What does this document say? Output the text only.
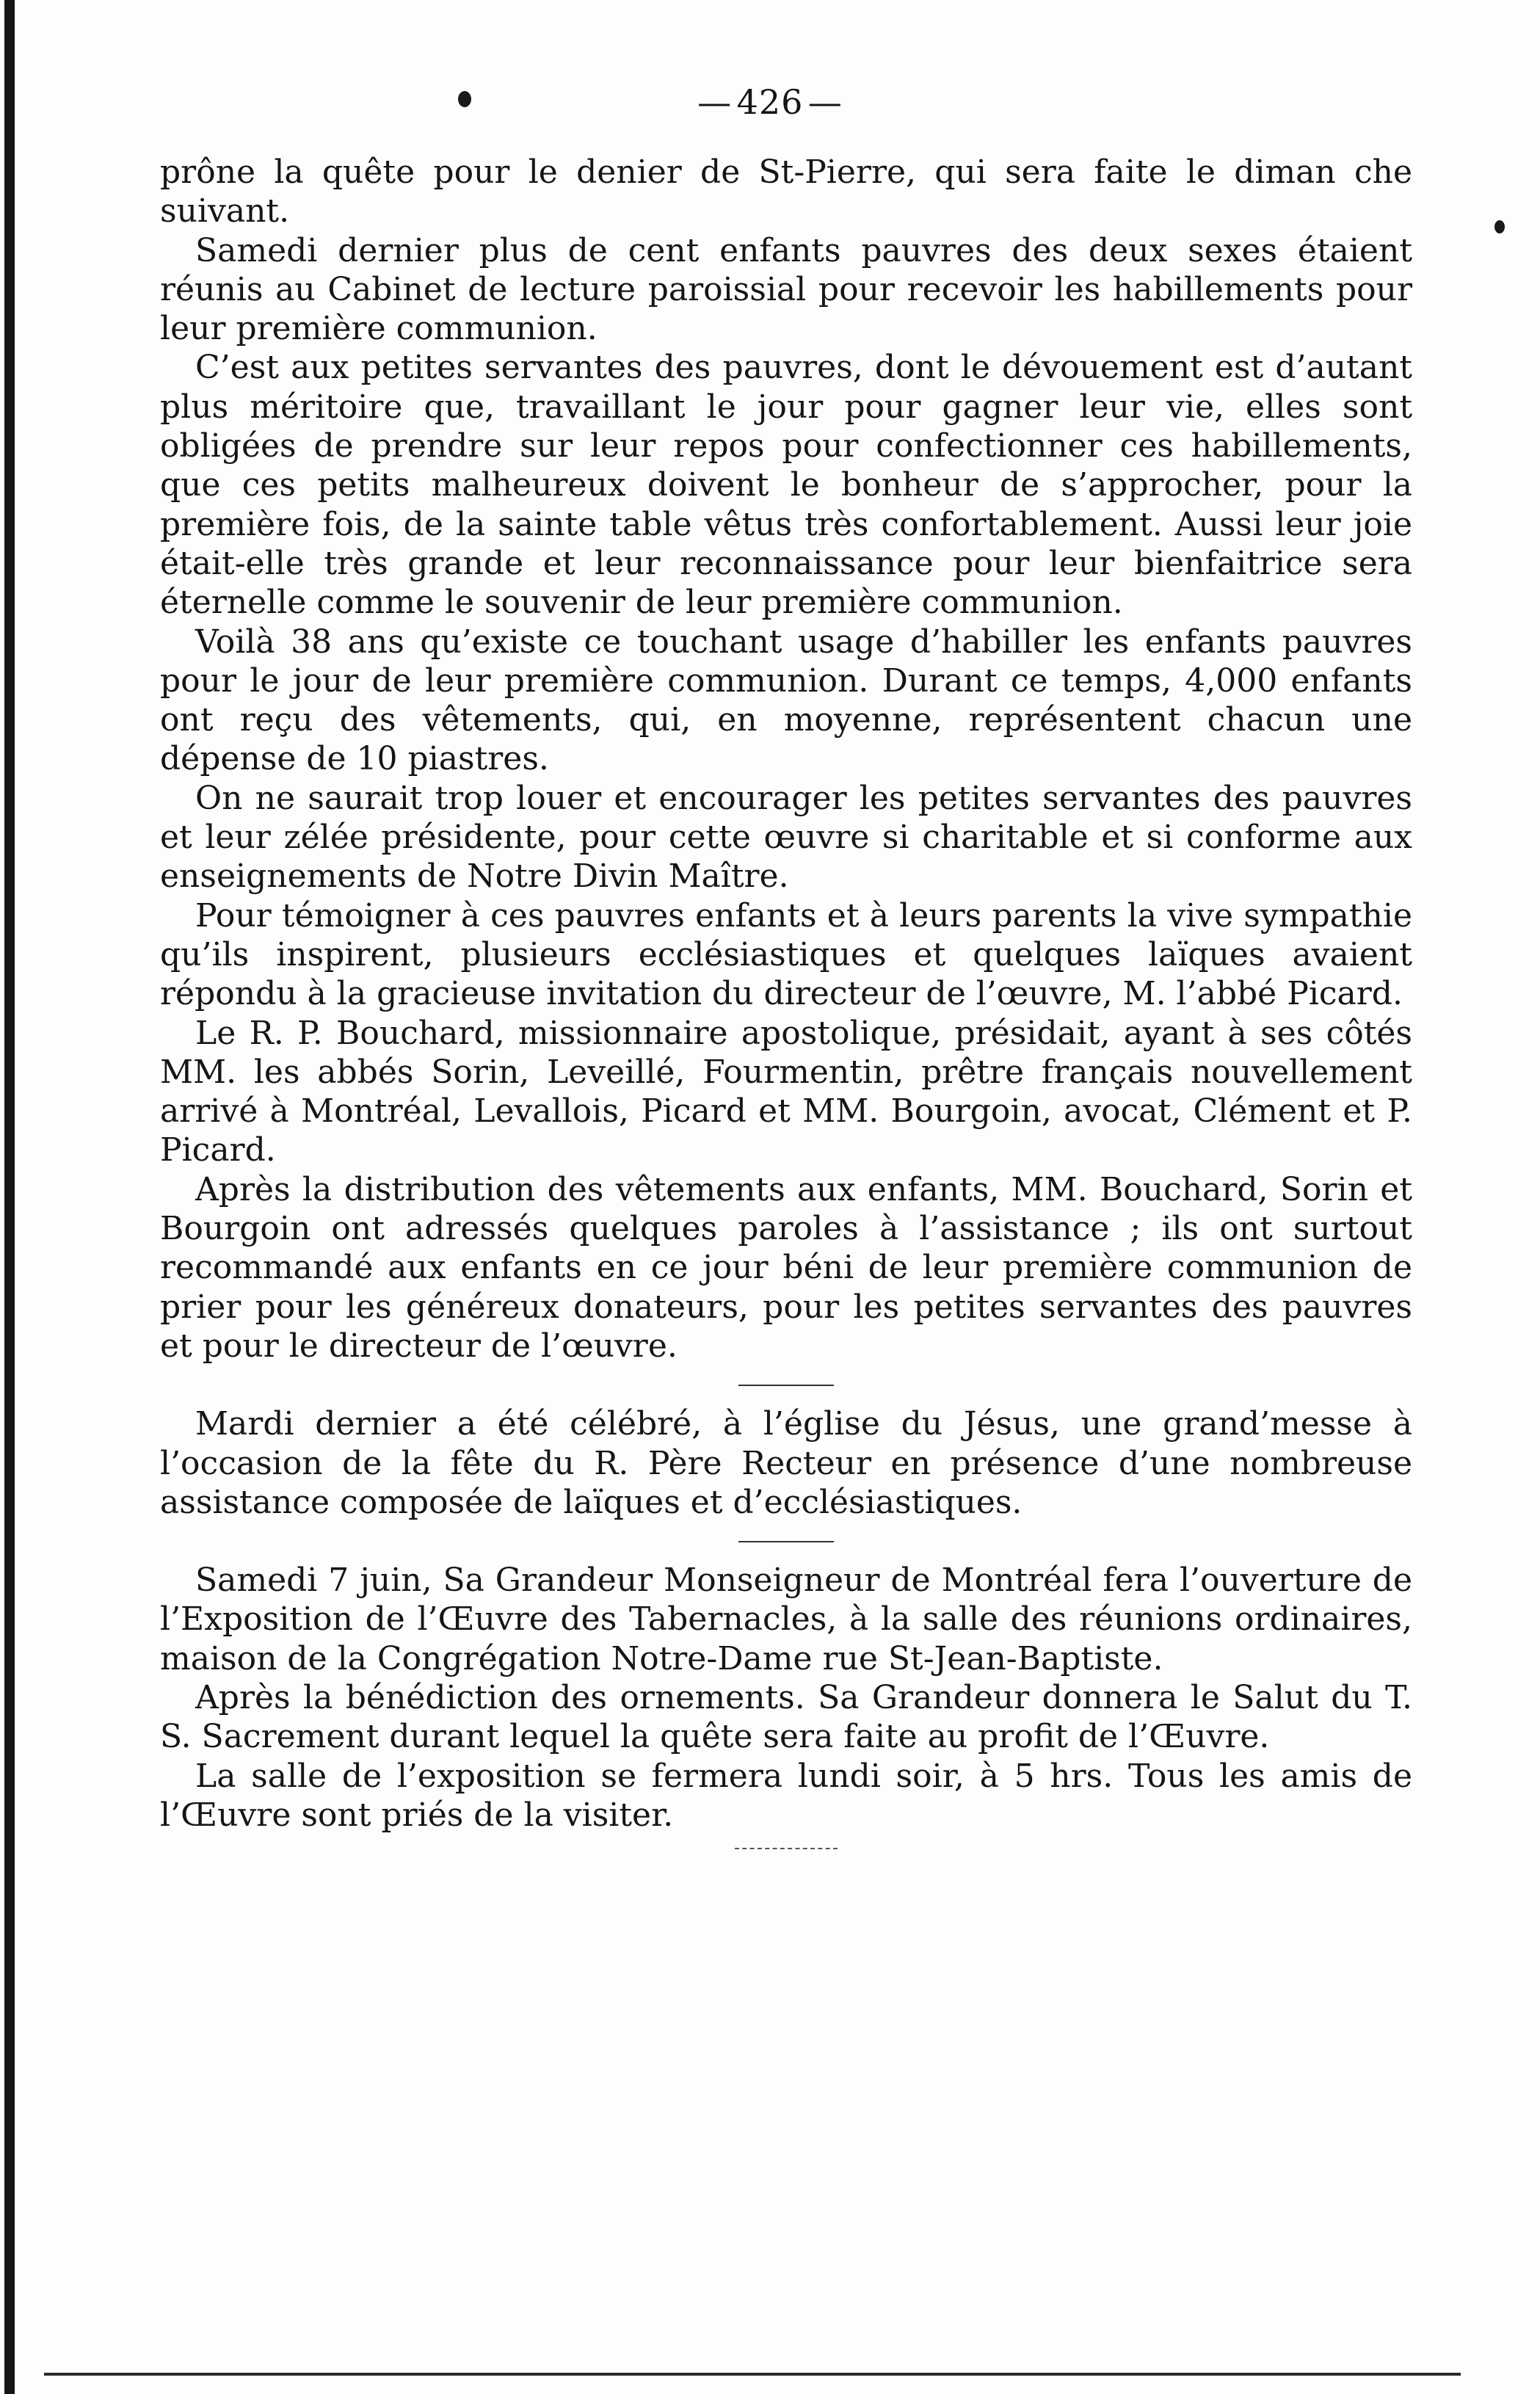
— 426 —

prône la quête pour le denier de St-Pierre, qui sera faite le diman che suivant.

Samedi dernier plus de cent enfants pauvres des deux sexes étaient réunis au Cabinet de lecture paroissial pour recevoir les habillements pour leur première communion.

C’est aux petites servantes des pauvres, dont le dévouement est d’autant plus méritoire que, travaillant le jour pour gagner leur vie, elles sont obligées de prendre sur leur repos pour confectionner ces habillements, que ces petits malheureux doivent le bonheur de s’approcher, pour la première fois, de la sainte table vêtus très confortablement. Aussi leur joie était-elle très grande et leur reconnaissance pour leur bienfaitrice sera éternelle comme le souvenir de leur première communion.

Voilà 38 ans qu’existe ce touchant usage d’habiller les enfants pauvres pour le jour de leur première communion. Durant ce temps, 4,000 enfants ont reçu des vêtements, qui, en moyenne, représentent chacun une dépense de 10 piastres.

On ne saurait trop louer et encourager les petites servantes des pauvres et leur zélée présidente, pour cette œuvre si charitable et si conforme aux enseignements de Notre Divin Maître.

Pour témoigner à ces pauvres enfants et à leurs parents la vive sympathie qu’ils inspirent, plusieurs ecclésiastiques et quelques laïques avaient répondu à la gracieuse invitation du directeur de l’œuvre, M. l’abbé Picard.

Le R. P. Bouchard, missionnaire apostolique, présidait, ayant à ses côtés MM. les abbés Sorin, Leveillé, Fourmentin, prêtre français nouvellement arrivé à Montréal, Levallois, Picard et MM. Bourgoin, avocat, Clément et P. Picard.

Après la distribution des vêtements aux enfants, MM. Bouchard, Sorin et Bourgoin ont adressés quelques paroles à l’assistance ; ils ont surtout recommandé aux enfants en ce jour béni de leur première communion de prier pour les généreux donateurs, pour les petites servantes des pauvres et pour le directeur de l’œuvre.

Mardi dernier a été célébré, à l’église du Jésus, une grand’messe à l’occasion de la fête du R. Père Recteur en présence d’une nombreuse assistance composée de laïques et d’ecclésiastiques.

Samedi 7 juin, Sa Grandeur Monseigneur de Montréal fera l’ouverture de l’Exposition de l’Œuvre des Tabernacles, à la salle des réunions ordinaires, maison de la Congrégation Notre-Dame rue St-Jean-Baptiste.

Après la bénédiction des ornements. Sa Grandeur donnera le Salut du T. S. Sacrement durant lequel la quête sera faite au profit de l’Œuvre.

La salle de l’exposition se fermera lundi soir, à 5 hrs. Tous les amis de l’Œuvre sont priés de la visiter.
